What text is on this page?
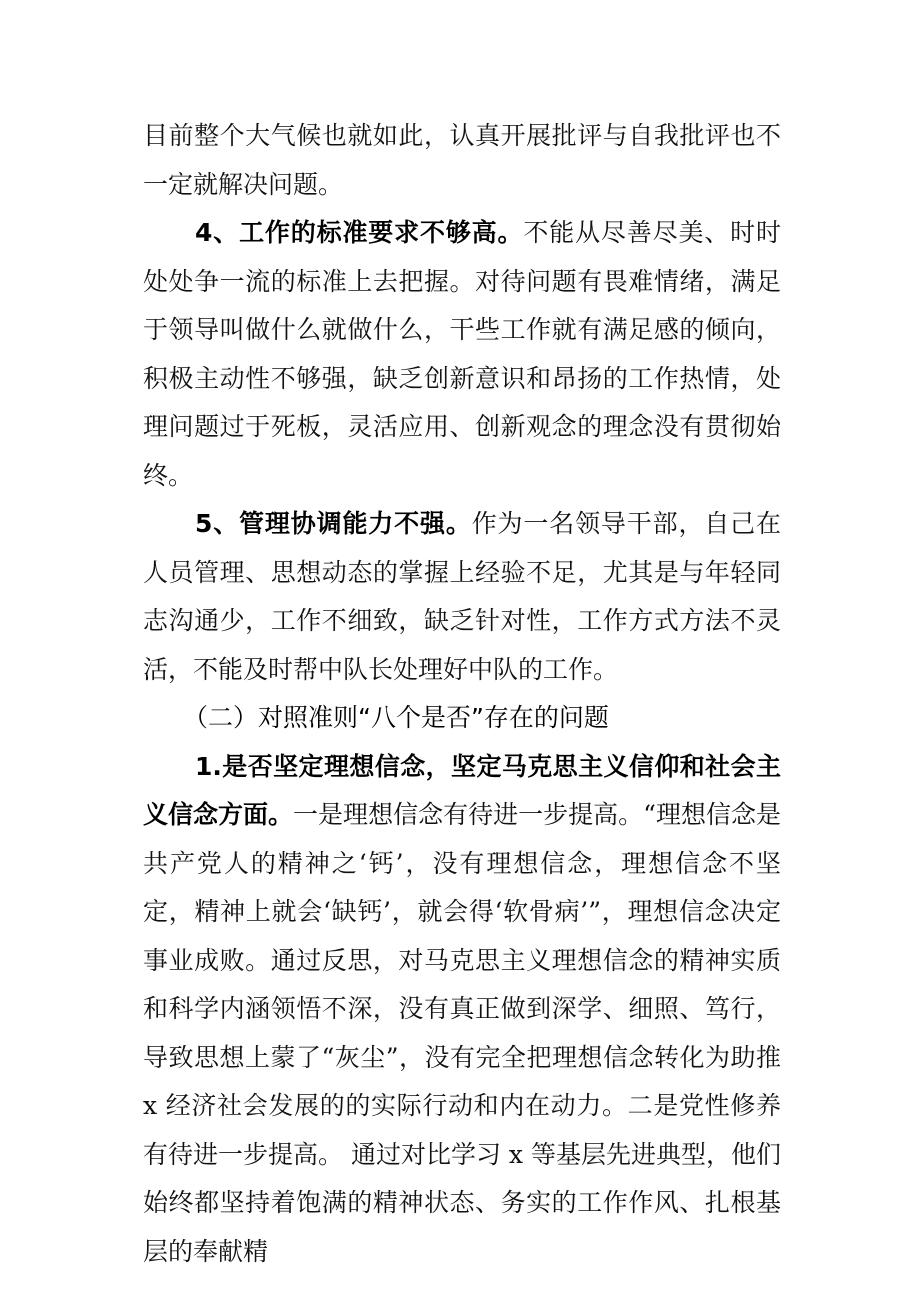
目前整个大气候也就如此，认真开展批评与自我批评也不一定就解决问题。

4、工作的标准要求不够高。不能从尽善尽美、时时处处争一流的标准上去把握。对待问题有畏难情绪，满足于领导叫做什么就做什么，干些工作就有满足感的倾向，积极主动性不够强，缺乏创新意识和昂扬的工作热情，处理问题过于死板，灵活应用、创新观念的理念没有贯彻始终。

5、管理协调能力不强。作为一名领导干部，自己在人员管理、思想动态的掌握上经验不足，尤其是与年轻同志沟通少，工作不细致，缺乏针对性，工作方式方法不灵活，不能及时帮中队长处理好中队的工作。

（二）对照准则“八个是否”存在的问题

1.是否坚定理想信念，坚定马克思主义信仰和社会主义信念方面。一是理想信念有待进一步提高。“理想信念是共产党人的精神之‘钙’，没有理想信念，理想信念不坚定，精神上就会‘缺钙’，就会得‘软骨病’”，理想信念决定事业成败。通过反思，对马克思主义理想信念的精神实质和科学内涵领悟不深，没有真正做到深学、细照、笃行，导致思想上蒙了“灰尘”，没有完全把理想信念转化为助推 x 经济社会发展的的实际行动和内在动力。二是党性修养有待进一步提高。 通过对比学习 x 等基层先进典型，他们始终都坚持着饱满的精神状态、务实的工作作风、扎根基层的奉献精
